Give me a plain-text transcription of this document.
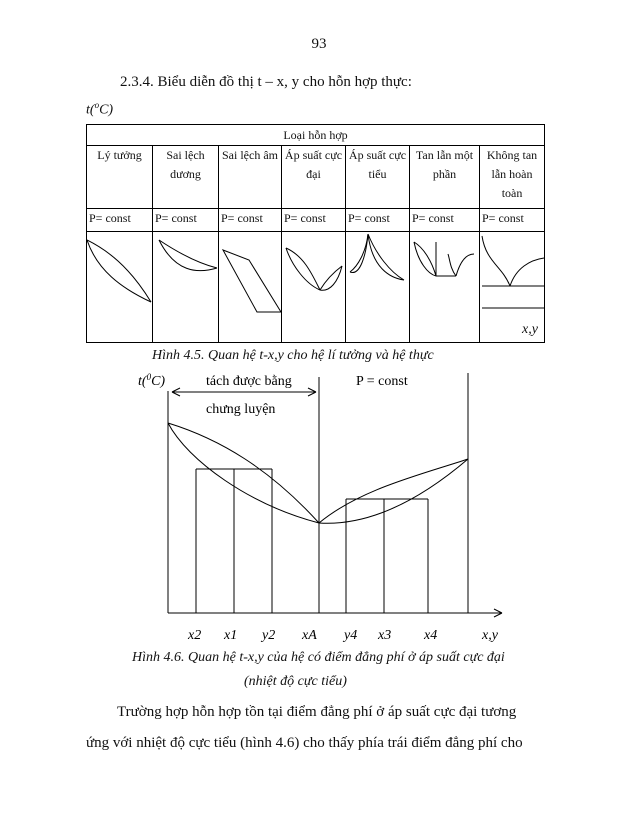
93
2.3.4. Biểu diễn đồ thị t – x, y cho hỗn hợp thực:
t($^o$C)
Loại hỗn hợp						
Lý tưởng	Sai lệch dương	Sai lệch âm	Áp suất cực đại	Áp suất cực tiểu	Tan lẫn một phần	Không tan lẫn hoàn toàn
P= const	P= const	P= const	P= const	P= const	P= const	P= const

x,y
Hình 4.5. Quan hệ t-x,y cho hệ lí tưởng và hệ thực
t($^0$C)	tách được bằng
chưng luyện
P = const
x2 x1 y2 xA y4 x3 x4	x,y
Hình 4.6. Quan hệ t-x,y của hệ có điểm đẳng phí ở áp suất cực đại
(nhiệt độ cực tiểu)
Trường hợp hỗn hợp tồn tại điểm đẳng phí ở áp suất cực đại tương
ứng với nhiệt độ cực tiểu (hình 4.6) cho thấy phía trái điểm đẳng phí cho
